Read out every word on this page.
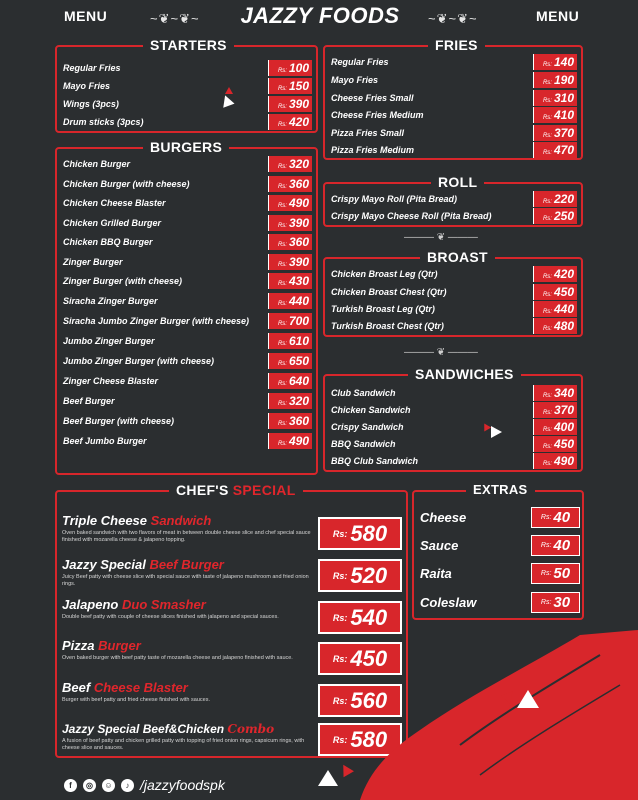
MENU	~❦~❦~ JAZZY FOODS ~❦~❦~	MENU
STARTERS
Regular Fries	Rs: 100
Mayo Fries	Rs: 150
Wings (3pcs)	Rs: 390
Drum sticks (3pcs)	Rs: 420
FRIES
Regular Fries	Rs: 140
Mayo Fries	Rs: 190
Cheese Fries Small	Rs: 310
Cheese Fries Medium	Rs: 410
Pizza Fries Small	Rs: 370
Pizza Fries Medium	Rs: 470
BURGERS
Chicken Burger	Rs: 320
Chicken Burger (with cheese)	Rs: 360
Chicken Cheese Blaster	Rs: 490
Chicken Grilled Burger	Rs: 390
Chicken BBQ Burger	Rs: 360
Zinger Burger	Rs: 390
Zinger Burger (with cheese)	Rs: 430
Siracha Zinger Burger	Rs: 440
Siracha Jumbo Zinger Burger (with cheese)	Rs: 700
Jumbo Zinger Burger	Rs: 610
Jumbo Zinger Burger (with cheese)	Rs: 650
Zinger Cheese Blaster	Rs: 640
Beef Burger	Rs: 320
Beef Burger (with cheese)	Rs: 360
Beef Jumbo Burger	Rs: 490
ROLL
Crispy Mayo Roll (Pita Bread)	Rs: 220
Crispy Mayo Cheese Roll (Pita Bread)	Rs: 250
——— ❦ ———
BROAST
Chicken Broast Leg (Qtr)	Rs: 420
Chicken Broast Chest (Qtr)	Rs: 450
Turkish Broast Leg (Qtr)	Rs: 440
Turkish Broast Chest (Qtr)	Rs: 480
——— ❦ ———
SANDWICHES
Club Sandwich	Rs: 340
Chicken Sandwich	Rs: 370
Crispy Sandwich	Rs: 400
BBQ Sandwich	Rs: 450
BBQ Club Sandwich	Rs: 490
CHEF'S SPECIAL
Triple Cheese Sandwich
Oven baked sandwich with two flavors of meat in between double cheese slice and chef special sauce finished with mozarella cheese & jalapeno topping.
Rs: 580
Jazzy Special Beef Burger
Juicy Beef patty with cheese slice with special sauce with taste of jalapeno mushroom and fried onion rings.
Rs: 520
Jalapeno Duo Smasher
Double beef patty with couple of cheese slices finished with jalapeno and special sauces.	Rs: 540
Pizza Burger
Oven baked burger with beef patty taste of mozarella cheese and jalapeno finished with sauce.	Rs: 450
Beef Cheese Blaster
Burger with beef patty and fried cheese finished with sauces.	Rs: 560
Jazzy Special Beef&Chicken Combo
A fusion of beef patty and chicken grilled patty with topping of fried onion rings, capsicum rings, with cheese slice and sauces.
Rs: 580
EXTRAS
Cheese	Rs: 40
Sauce	Rs: 40
Raita	Rs: 50
Coleslaw	Rs: 30
f	◎	☺	♪ /jazzyfoodspk
